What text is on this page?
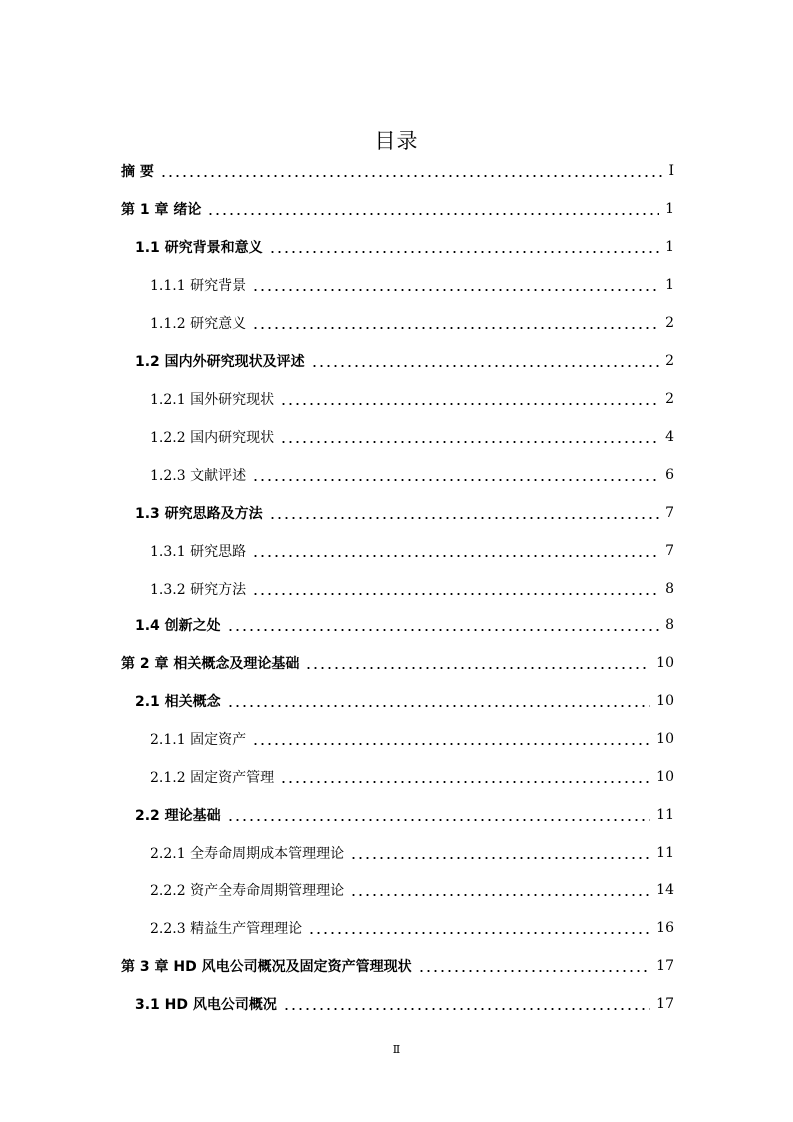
目录
摘 要	Ⅰ
第 1 章 绪论	1
1.1 研究背景和意义	1
1.1.1 研究背景	1
1.1.2 研究意义	2
1.2 国内外研究现状及评述	2
1.2.1 国外研究现状	2
1.2.2 国内研究现状	4
1.2.3 文献评述	6
1.3 研究思路及方法	7
1.3.1 研究思路	7
1.3.2 研究方法	8
1.4 创新之处	8
第 2 章 相关概念及理论基础	10
2.1 相关概念	10
2.1.1 固定资产	10
2.1.2 固定资产管理	10
2.2 理论基础	11
2.2.1 全寿命周期成本管理理论	11
2.2.2 资产全寿命周期管理理论	14
2.2.3 精益生产管理理论	16
第 3 章 HD 风电公司概况及固定资产管理现状	17
3.1 HD 风电公司概况	17
Ⅱ
